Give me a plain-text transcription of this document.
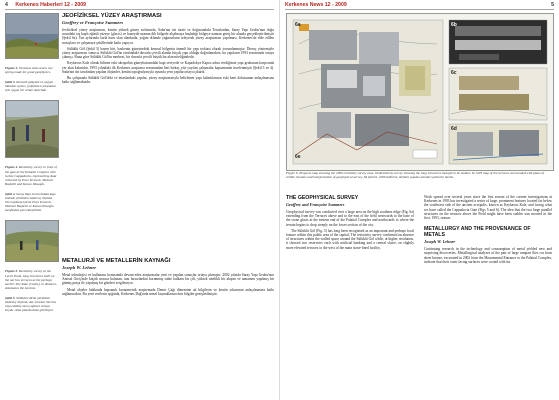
4 Kerkenes Haberleri 12 - 2009
Figure 3. Ominous skies and a wet spring made for good geophysics.
Şekil 3. Kasvetli gökyüzü ve yağışlı ilkbahar ayları, jeofiziksel çalışmalar için uygun bir ortam hazırladı.
Figure 4. Resistivity survey in front of the gate at the Palatial Complex with Gebze Cappadocia, representing data collected by Enes Tercanlı. Mehmet Başbelli and Kenan Ilhaoğlu.
Şekil 4. Saray Yapı Grubu'ndaki kapı önünde yürütülen özdirenç ölçümü. Veri toplama işlemi Enes Tercanlı, Mehmet Başbelli ve Kenan Ilhaoğlu tarafından gerçekleştirildi.
Figure 5. Resistivity survey at the Leech Pond, long structures built on the narrow terraces at the perhaps earlier. The Kale (Castle), in distance, dominates the horizon.
Şekil 5. Sülüklü Göl'de yürütülen özdirenç ölçümü, dar teraslar üzerine inşa edilmiş uzun yapıları ortaya koydu. Arka planda Kale görülüyor.
JEOFİZİKSEL YÜZEY ARAŞTIRMASI
Geoffrey ve Françoise Summers

Jeofiziksel yüzey araştırması, kentin yüksek güney sırtlarında, Saba'nın üst tarafı ve doğusundaki Teraslardan, Saray Yapı Grubu'nun doğu ucundaki taş kaplı eğimli yüzeye (glacis) ve kuzeyde uzanan dik bölgede alçalmaya başladığı bölgeye uzanan geniş bir alanda gerçekleştirilmiştir (Şekil 6a). Yaz aylarında fazla kuru olan alanlarda, yoğun iklimde yağmurların izleyerek yüzey araştırması yapılması, Kerkenes'de elde edilen sonuçlara ve çalışmaya şekillerinde katkı yapıyor.

Sülüklü Göl (Şekil 5) bazen biri, baskenin güneyindeki kemsal bölgenin önemli bir yapı noktası olarak yorumlanmıştır. Direnç yöntemiyle yüzey araştırması sonucu, Sülüklü Göl'ün etrafındaki duvarla çevrili alanda birçok yapı olduğu doğrulanırken, bu yapıların 1993 sezonunda ortaya çıkmışı. Buna göre Sülüklü Göl'ün merkezi, bir duvarla çevrili büyük bir alan niteliğindedir.

Keykavus Kale olarak bilinen eski akropolün güneybatısındaki kapı seviyede ve Kapadokya Kapısı adını verdiğimiz yapı grubunun karşısında yer alan kalıntılar, 1993 yılındaki ilk Kerkenes araştırma sezonundan beri birkaç yıla yayılan çalışmalar kapsamında incelenmiştir (Şekil 3 ve 4). Saba'nın üst tarafından yapılan ölçümler, kentin topoğrafyasıyla uyumlu yeni yapılar ortaya çıkardı.

Bu çalışmada Sülüklü Göl'deki ve teraslardaki yapılar, yüzey araştırmasıyla belirlenen yapı kalıntılarının eski kent dokusunun anlaşılmasına katkı sağlamaktadır.

METALURJİ VE METALLERİN KAYNAĞI
Joseph W. Lehner

Metal teknolojisi ve kullanımı konusunda devam eden araştırmalar yeni ve yapılan sonuçlar ortaya çıkmıştır. 2002 yılında Saray Yapı Grubu'nun Anıtsal Giriş'inde küçük sonuca bulunan, tanı hırsızlardan korunmuş sahte kalkanı bir çift, yüksek nitelikli bir alaşım ve tamamen yapılmış bir gümüş parça ile yapılmış bir gönderi sergileniyor.

Metal objeler hakkında kapsamlı kronometrik araştırmada Demir Çağı dönemine ait bilgilerin ve kentin yıkımının anlaşılmasına katkı sağlanacaktır. Bu yeni verilerin ışığında, Kerkenes Dağ'ında metal kaynaklarına dair bilgiler genişletilmiştir.

Kerkenes News 12 - 2009	5
6a	6b
6c
6d
6e
Figure 6. Progress map showing the 2009 resistivity survey area. 6b Resistivity survey showing the long structures thought to be stables. 6c GPS map of the terraces surrounded with plans of visible remains and interpretation of geophysical survey. 6d Şekil 6. 2009 özdirenç ölçümü yapılan alanları gösteren harita.
THE GEOPHYSICAL SURVEY
Geoffrey and Françoise Summers

Geophysical survey was conducted over a large area on the high southern ridge (Fig. 6a) extending from the Terraces above and to the east of the field westwards to the base of the stone glacis at the eastern end of the Palatial Complex and northwards to where the terrain begins to drop steeply on the lower section of the city.

The Sülüklü Göl (Fig. 5) has long been recognised as an important and perhaps focal feature within this public area of the capital. The resistivity survey confirmed an absence of structures within the walled space around the Sülüklü Göl while, at higher resolution, it showed two reservoirs each with artificial banking and a central sluice, on slightly more elevated terraces to the west of the main stone-lined facility.

Work spread over several years since the first season of the current investigations at Kerkenes in 1993 has investigated a series of large, prominent features located far below the southwest side of the ancient acropolis, known as Keykavus Kale, and facing what we have called the Cappadocia Gate (Figs 5 and 6). The idea that the two large parallel structures on the terraces above the Field might have been stables was mooted in the first, 1993, season.

METALLURGY AND THE PROVENANCE OF METALS
Joseph W. Lehner

Continuing research in the technology and consumption of metal yielded new and surprising discoveries. Metallurgical analyses of the pair of large rampart flies cut from sheet bronze, excavated in 2002 from the Monumental Entrance to the Palatial Complex, indicate that their outer facing surfaces were coated with tin.
